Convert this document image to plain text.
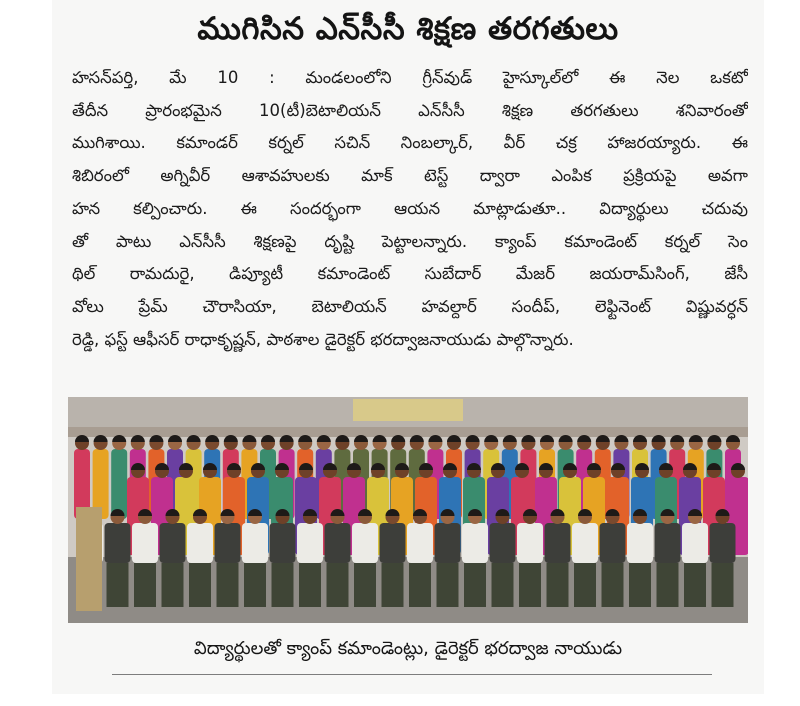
ముగిసిన ఎన్‌సీసీ శిక్షణ తరగతులు
హసన్‌పర్తి, మే 10 : మండలంలోని గ్రీన్‌వుడ్ హైస్కూల్‌లో ఈ నెల ఒకటో
తేదీన ప్రారంభమైన 10(టీ)బెటాలియన్ ఎన్‌సీసీ శిక్షణ తరగతులు శనివారంతో
ముగిశాయి. కమాండర్ కర్నల్ సచిన్ నింబల్కార్, వీర్ చక్ర హాజరయ్యారు. ఈ
శిబిరంలో అగ్నివీర్ ఆశావహులకు మాక్ టెస్ట్ ద్వారా ఎంపిక ప్రక్రియపై అవగా
హన కల్పించారు. ఈ సందర్భంగా ఆయన మాట్లాడుతూ.. విద్యార్థులు చదువు
తో పాటు ఎన్‌సీసీ శిక్షణపై దృష్టి పెట్టాలన్నారు. క్యాంప్ కమాండెంట్ కర్నల్ సెం
థిల్ రామదురై, డిప్యూటీ కమాండెంట్ సుబేదార్ మేజర్ జయరామ్‌సింగ్, జేసీ
వోలు ప్రేమ్ చౌరాసియా, బెటాలియన్ హవల్దార్ సందీప్, లెఫ్టినెంట్ విష్ణువర్ధన్
రెడ్డి, ఫస్ట్ ఆఫీసర్ రాధాకృష్ణన్, పాఠశాల డైరెక్టర్ భరద్వాజనాయుడు పాల్గొన్నారు.
విద్యార్థులతో క్యాంప్ కమాండెంట్లు, డైరెక్టర్ భరద్వాజ నాయుడు
